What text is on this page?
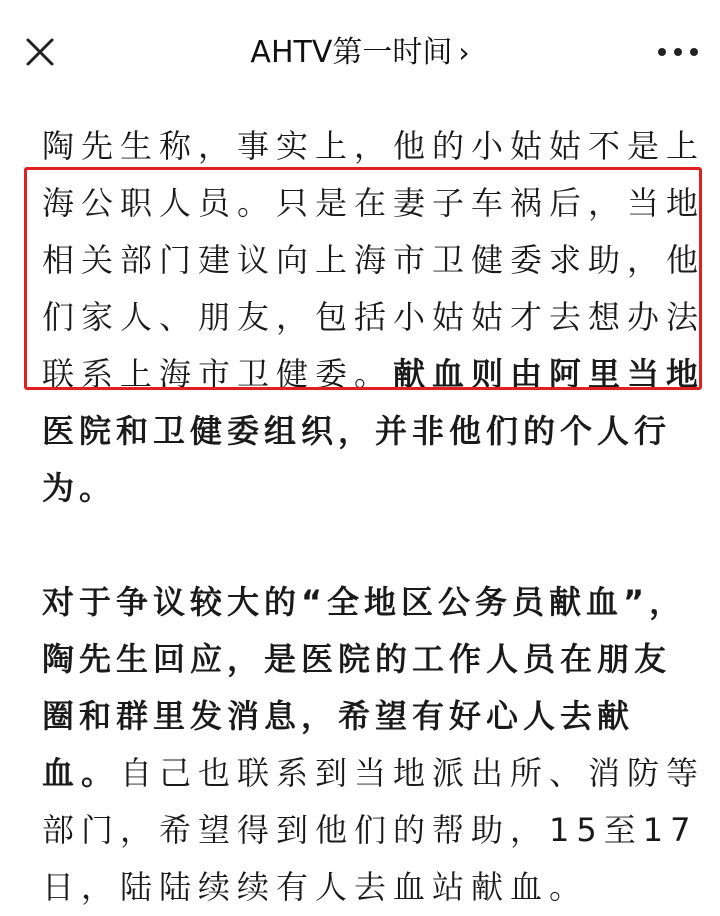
AHTV第一时间 ›
陶先生称，事实上，他的小姑姑不是上
海公职人员。只是在妻子车祸后，当地
相关部门建议向上海市卫健委求助，他
们家人、朋友，包括小姑姑才去想办法
联系上海市卫健委。献血则由阿里当地
医院和卫健委组织，并非他们的个人行
为。
对于争议较大的“全地区公务员献血”，
陶先生回应，是医院的工作人员在朋友
圈和群里发消息，希望有好心人去献
血。自己也联系到当地派出所、消防等
部门，希望得到他们的帮助，15至17
日，陆陆续续有人去血站献血。
